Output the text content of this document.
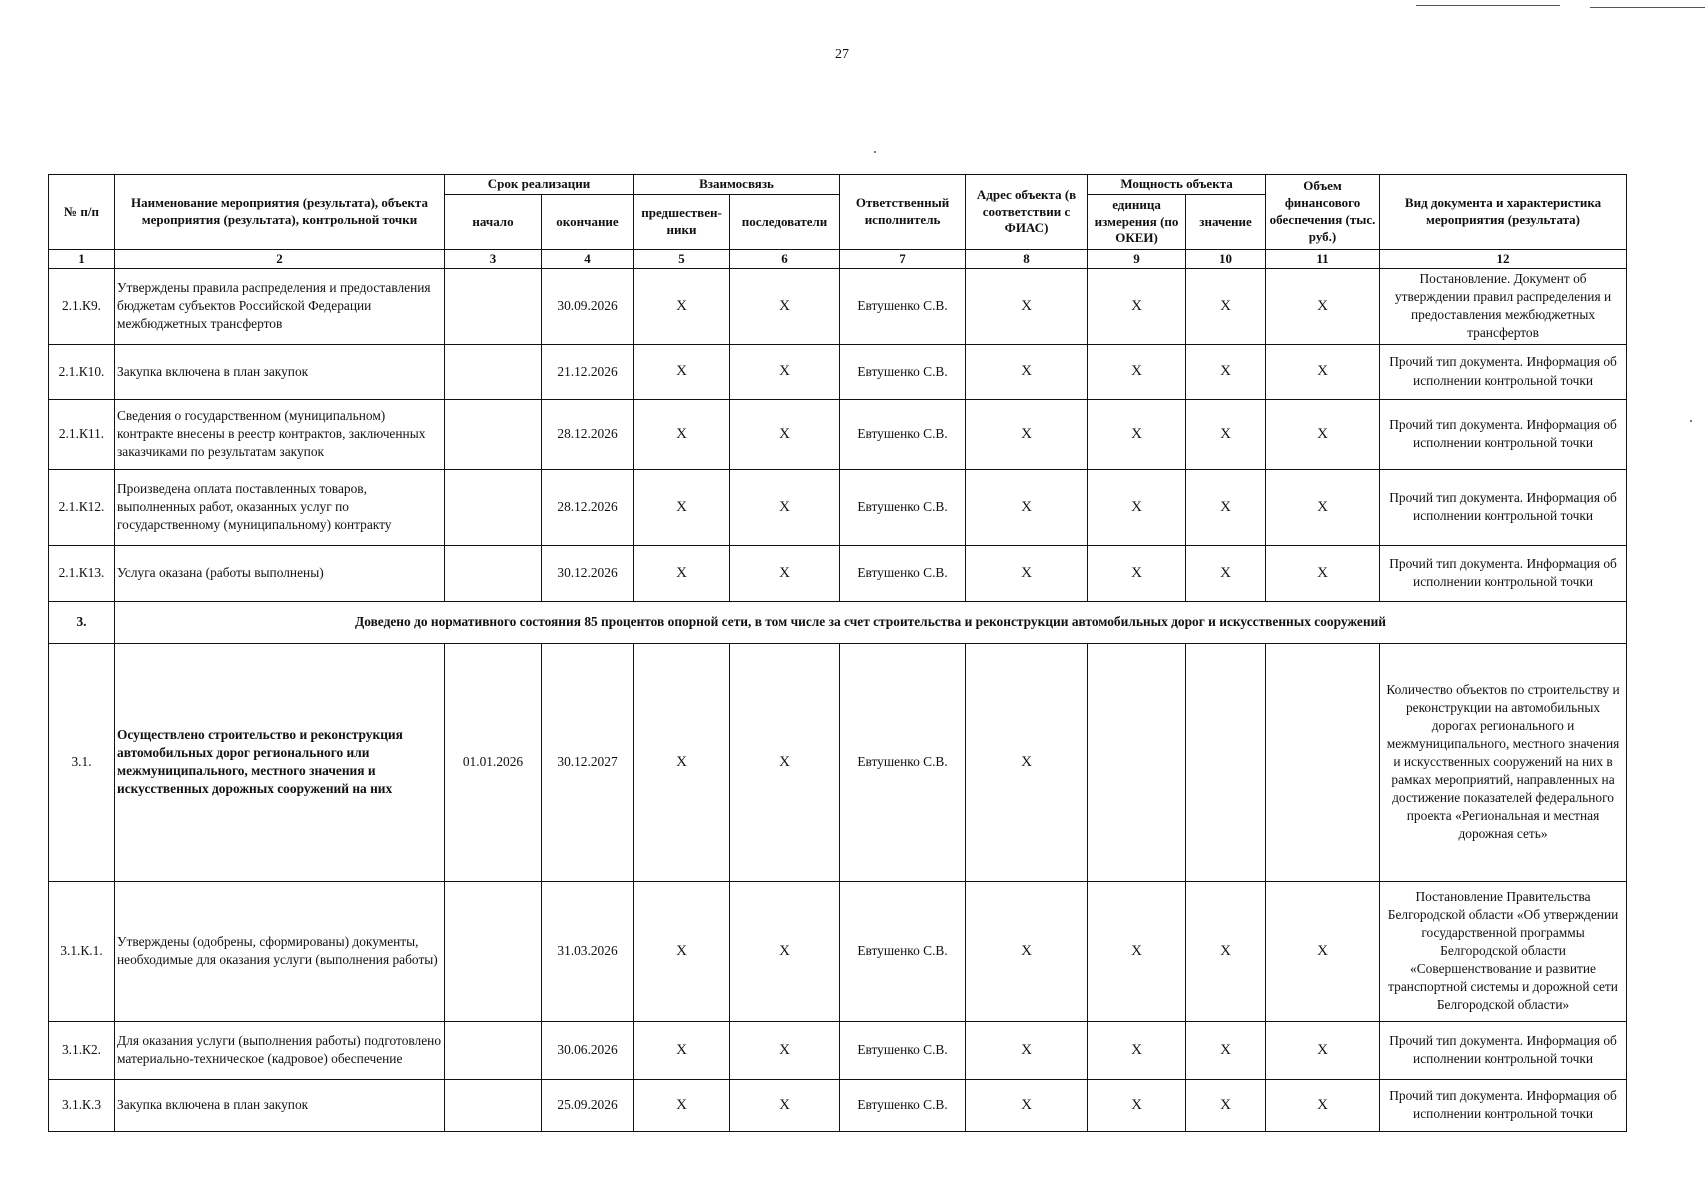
27
№ п/п	Наименование мероприятия (результата), объекта мероприятия (результата), контрольной точки	Срок реализации		Взаимосвязь		Ответственный исполнитель	Адрес объекта (в соответствии с ФИАС)	Мощность объекта		Объем финансового обеспечения (тыс. руб.)	Вид документа и характеристика мероприятия (результата)
		начало	окончание	предшествен-ники	последователи			единица измерения (по ОКЕИ)	значение		
1	2	3	4	5	6	7	8	9	10	11	12
2.1.К9.	Утверждены правила распределения и предоставления бюджетам субъектов Российской Федерации межбюджетных трансфертов		30.09.2026	X	X	Евтушенко С.В.	X	X	X	X	Постановление. Документ об утверждении правил распределения и предоставления межбюджетных трансфертов
2.1.К10.	Закупка включена в план закупок		21.12.2026	X	X	Евтушенко С.В.	X	X	X	X	Прочий тип документа. Информация об исполнении контрольной точки
2.1.К11.	Сведения о государственном (муниципальном) контракте внесены в реестр контрактов, заключенных заказчиками по результатам закупок		28.12.2026	X	X	Евтушенко С.В.	X	X	X	X	Прочий тип документа. Информация об исполнении контрольной точки
2.1.К12.	Произведена оплата поставленных товаров, выполненных работ, оказанных услуг по государственному (муниципальному) контракту		28.12.2026	X	X	Евтушенко С.В.	X	X	X	X	Прочий тип документа. Информация об исполнении контрольной точки
2.1.К13.	Услуга оказана (работы выполнены)		30.12.2026	X	X	Евтушенко С.В.	X	X	X	X	Прочий тип документа. Информация об исполнении контрольной точки
3.	Доведено до нормативного состояния 85 процентов опорной сети, в том числе за счет строительства и реконструкции автомобильных дорог и искусственных сооружений										
3.1.	Осуществлено строительство и реконструкция автомобильных дорог регионального или межмуниципального, местного значения и искусственных дорожных сооружений на них	01.01.2026	30.12.2027	X	X	Евтушенко С.В.	X				Количество объектов по строительству и реконструкции на автомобильных дорогах регионального и межмуниципального, местного значения и искусственных сооружений на них в рамках мероприятий, направленных на достижение показателей федерального проекта «Региональная и местная дорожная сеть»
3.1.К.1.	Утверждены (одобрены, сформированы) документы, необходимые для оказания услуги (выполнения работы)		31.03.2026	X	X	Евтушенко С.В.	X	X	X	X	Постановление Правительства Белгородской области «Об утверждении государственной программы Белгородской области «Совершенствование и развитие транспортной системы и дорожной сети Белгородской области»
3.1.К2.	Для оказания услуги (выполнения работы) подготовлено материально-техническое (кадровое) обеспечение		30.06.2026	X	X	Евтушенко С.В.	X	X	X	X	Прочий тип документа. Информация об исполнении контрольной точки
3.1.К.3	Закупка включена в план закупок		25.09.2026	X	X	Евтушенко С.В.	X	X	X	X	Прочий тип документа. Информация об исполнении контрольной точки
